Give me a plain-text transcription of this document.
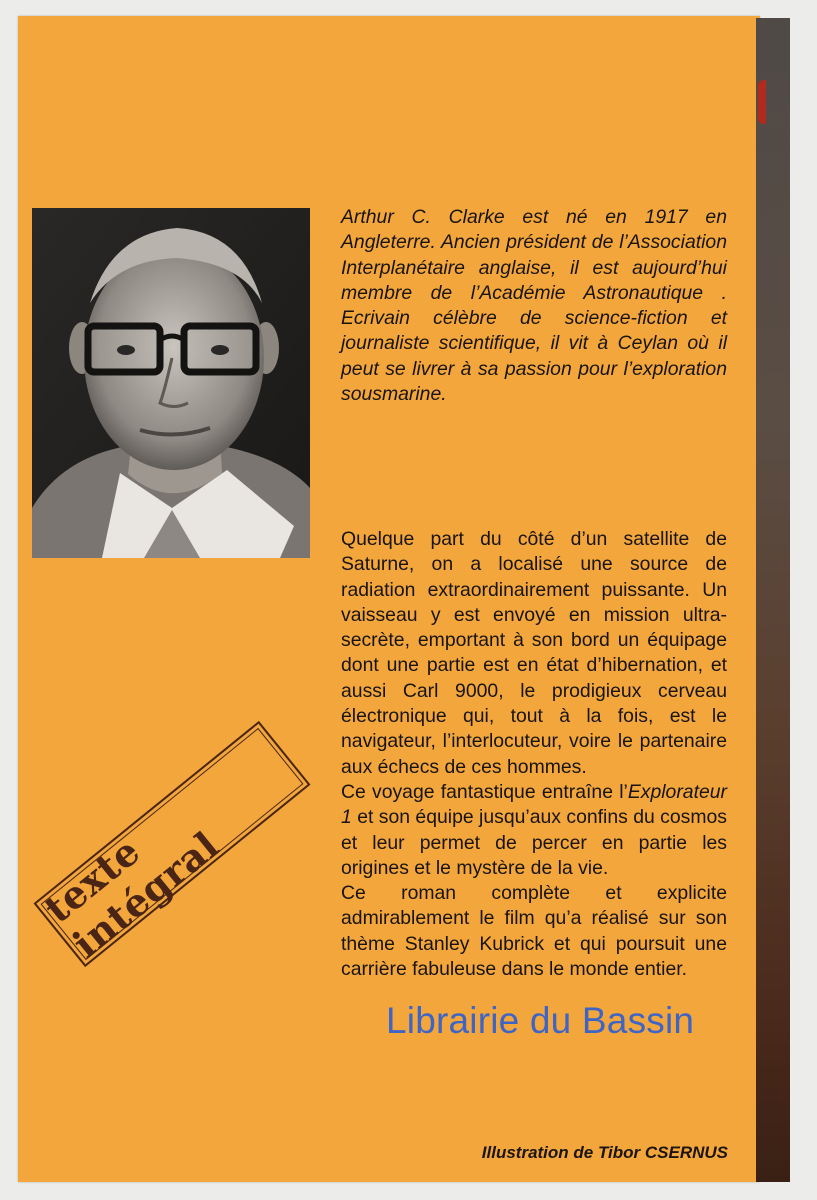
Arthur C. Clarke est né en 1917 en Angleterre. Ancien président de l’Association Interplanétaire anglaise, il est aujourd’hui membre de l’Académie Astronautique . Ecrivain célèbre de science-fiction et journaliste scientifique, il vit à Ceylan où il peut se livrer à sa passion pour l’exploration sousmarine.

Quelque part du côté d’un satellite de Saturne, on a localisé une source de radiation extraordinairement puissante. Un vaisseau y est envoyé en mission ultra-secrète, emportant à son bord un équipage dont une partie est en état d’hibernation, et aussi Carl 9000, le prodigieux cerveau électronique qui, tout à la fois, est le navigateur, l’interlocuteur, voire le partenaire aux échecs de ces hommes.

Ce voyage fantastique entraîne l’Explorateur 1 et son équipe jusqu’aux confins du cosmos et leur permet de percer en partie les origines et le mystère de la vie.

Ce roman complète et explicite admirablement le film qu’a réalisé sur son thème Stanley Kubrick et qui poursuit une carrière fabuleuse dans le monde entier.

texte intégral
Librairie du Bassin
Illustration de Tibor CSERNUS
